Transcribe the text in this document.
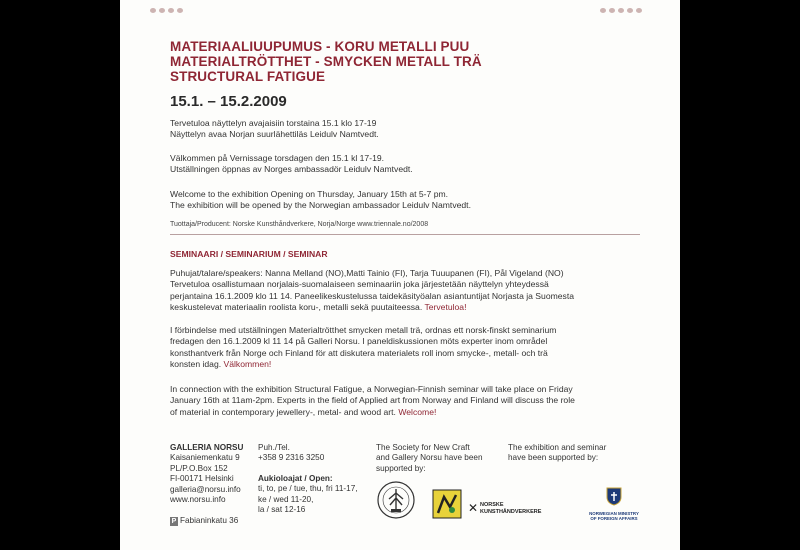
MATERIAALIUUPUMUS - KORU METALLI PUU
MATERIALTRÖTTHET - SMYCKEN METALL TRÄ
STRUCTURAL FATIGUE
15.1. – 15.2.2009
Tervetuloa näyttelyn avajaisiin torstaina 15.1 klo 17-19
Näyttelyn avaa Norjan suurlähettiläs Leidulv Namtvedt.
Välkommen på Vernissage torsdagen den 15.1 kl 17-19.
Utställningen öppnas av Norges ambassadör Leidulv Namtvedt.
Welcome to the exhibition Opening on Thursday, January 15th at 5-7 pm.
The exhibition will be opened by the Norwegian ambassador Leidulv Namtvedt.
Tuottaja/Producent: Norske Kunsthåndverkere, Norja/Norge www.triennale.no/2008
SEMINAARI / SEMINARIUM / SEMINAR
Puhujat/talare/speakers: Nanna Melland (NO),Matti Tainio (FI), Tarja Tuuupanen (FI), Pål Vigeland (NO)
Tervetuloa osallistumaan norjalais-suomalaiseen seminaariin joka järjestetään näyttelyn yhteydessä
perjantaina 16.1.2009 klo 11 14. Paneelikeskustelussa taidekäsityöalan asiantuntijat Norjasta ja Suomesta
keskustelevat materiaalin roolista koru-, metalli sekä puutaiteessa. Tervetuloa!
I förbindelse med utställningen Materialtrötthet smycken metall trä, ordnas ett norsk-finskt seminarium
fredagen den 16.1.2009 kl 11 14 på Galleri Norsu. I paneldiskussionen möts experter inom områdel
konsthantverk från Norge och Finland för att diskutera materialets roll inom smycke-, metall- och trä
konsten idag. Välkommen!
In connection with the exhibition Structural Fatigue, a Norwegian-Finnish seminar will take place on Friday
January 16th at 11am-2pm. Experts in the field of Applied art from Norway and Finland will discuss the role
of material in contemporary jewellery-, metal- and wood art. Welcome!
GALLERIA NORSU
Kaisaniemenkatu 9
PL/P.O.Box 152
FI-00171 Helsinki
galleria@norsu.info
www.norsu.info
P Fabianinkatu 36
Puh./Tel.
+358 9 2316 3250
Aukioloajat / Open:
ti, to, pe / tue, thu, fri 11-17,
ke / wed 11-20,
la / sat 12-16
The Society for New Craft
and Gallery Norsu have been
supported by:
The exhibition and seminar
have been supported by:
✕ NORSKE
KUNSTHÅNDVERKERE	NORWEGIAN MINISTRY
OF FOREIGN AFFAIRS
